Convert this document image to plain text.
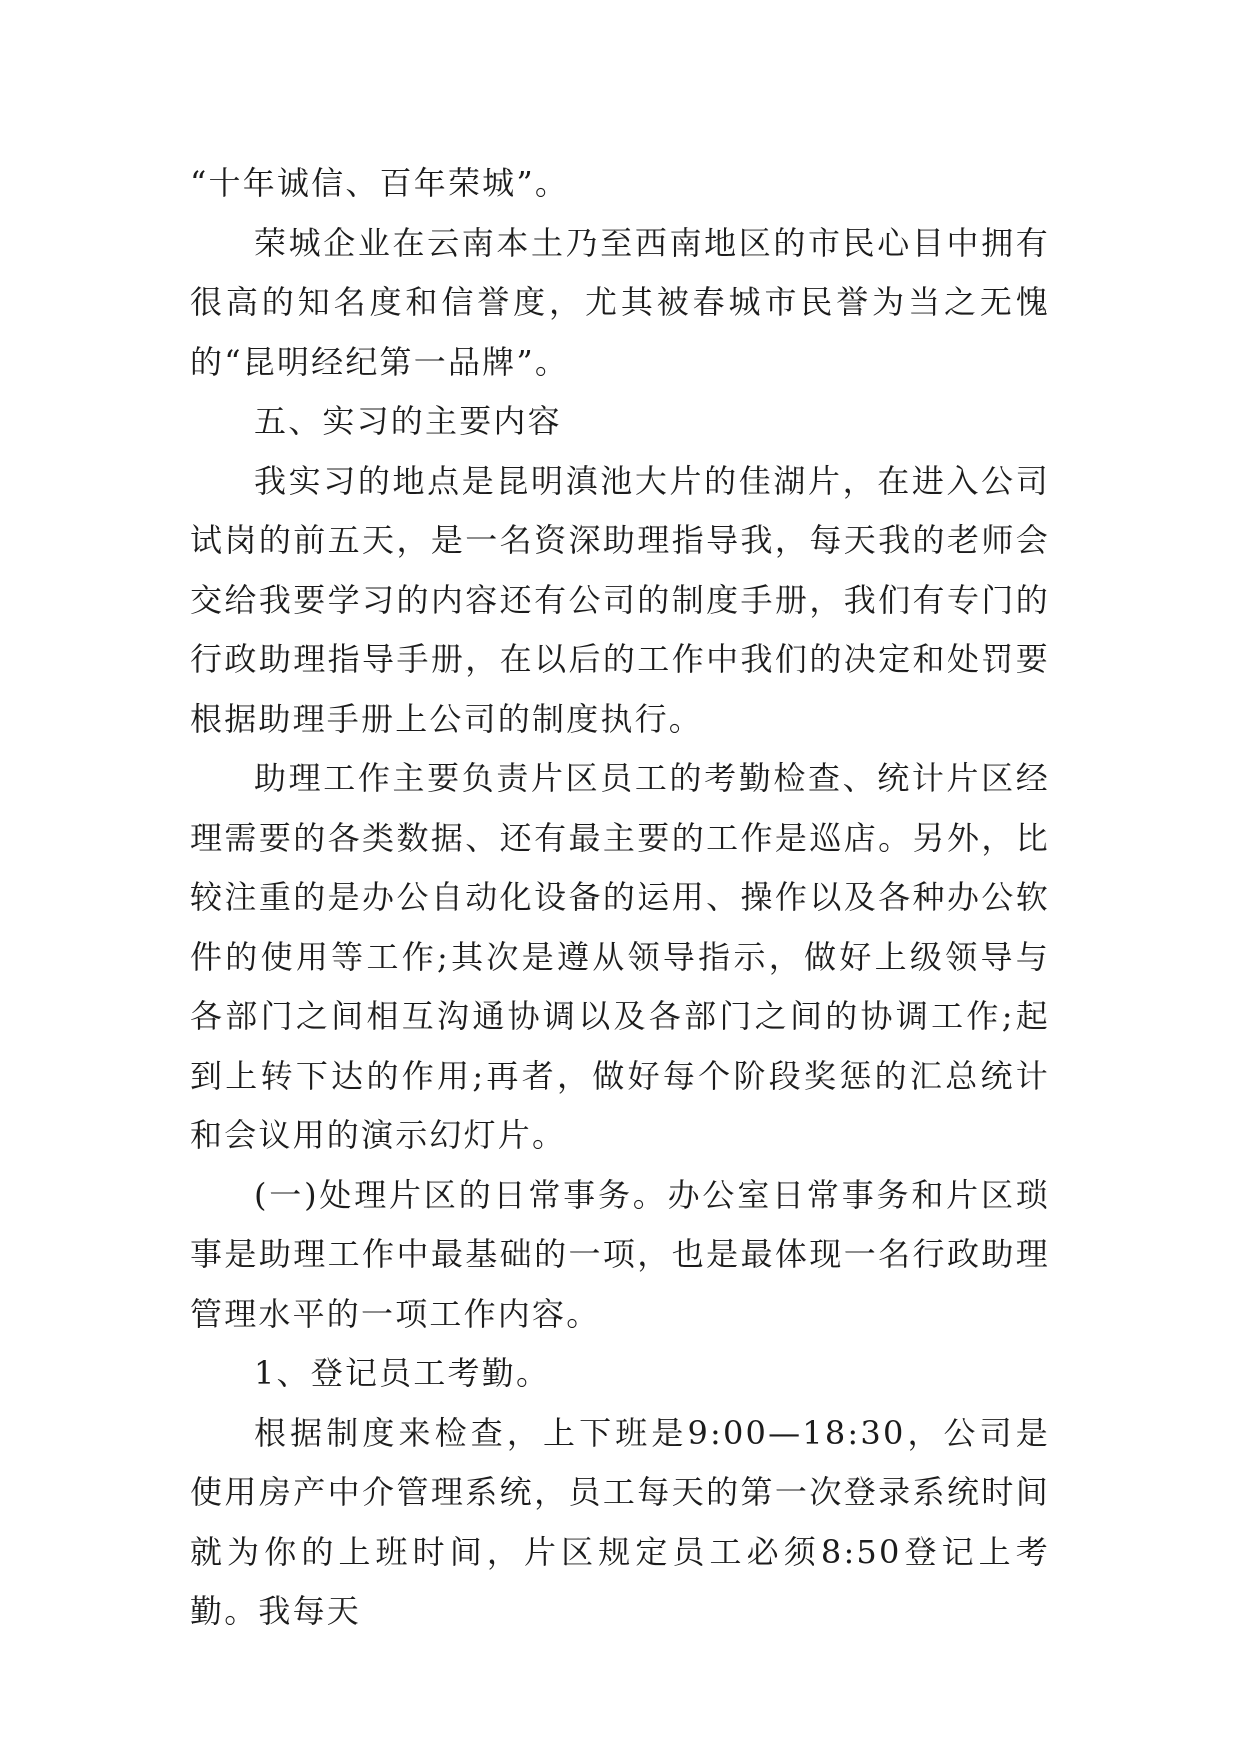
“十年诚信、百年荣城”。

荣城企业在云南本土乃至西南地区的市民心目中拥有很高的知名度和信誉度，尤其被春城市民誉为当之无愧的“昆明经纪第一品牌”。

五、实习的主要内容

我实习的地点是昆明滇池大片的佳湖片，在进入公司试岗的前五天，是一名资深助理指导我，每天我的老师会交给我要学习的内容还有公司的制度手册，我们有专门的行政助理指导手册，在以后的工作中我们的决定和处罚要根据助理手册上公司的制度执行。

助理工作主要负责片区员工的考勤检查、统计片区经理需要的各类数据、还有最主要的工作是巡店。另外，比较注重的是办公自动化设备的运用、操作以及各种办公软件的使用等工作;其次是遵从领导指示，做好上级领导与各部门之间相互沟通协调以及各部门之间的协调工作;起到上转下达的作用;再者，做好每个阶段奖惩的汇总统计和会议用的演示幻灯片。

(一)处理片区的日常事务。办公室日常事务和片区琐事是助理工作中最基础的一项，也是最体现一名行政助理管理水平的一项工作内容。

1、登记员工考勤。

根据制度来检查，上下班是9:00—18:30，公司是使用房产中介管理系统，员工每天的第一次登录系统时间就为你的上班时间，片区规定员工必须8:50登记上考勤。我每天
